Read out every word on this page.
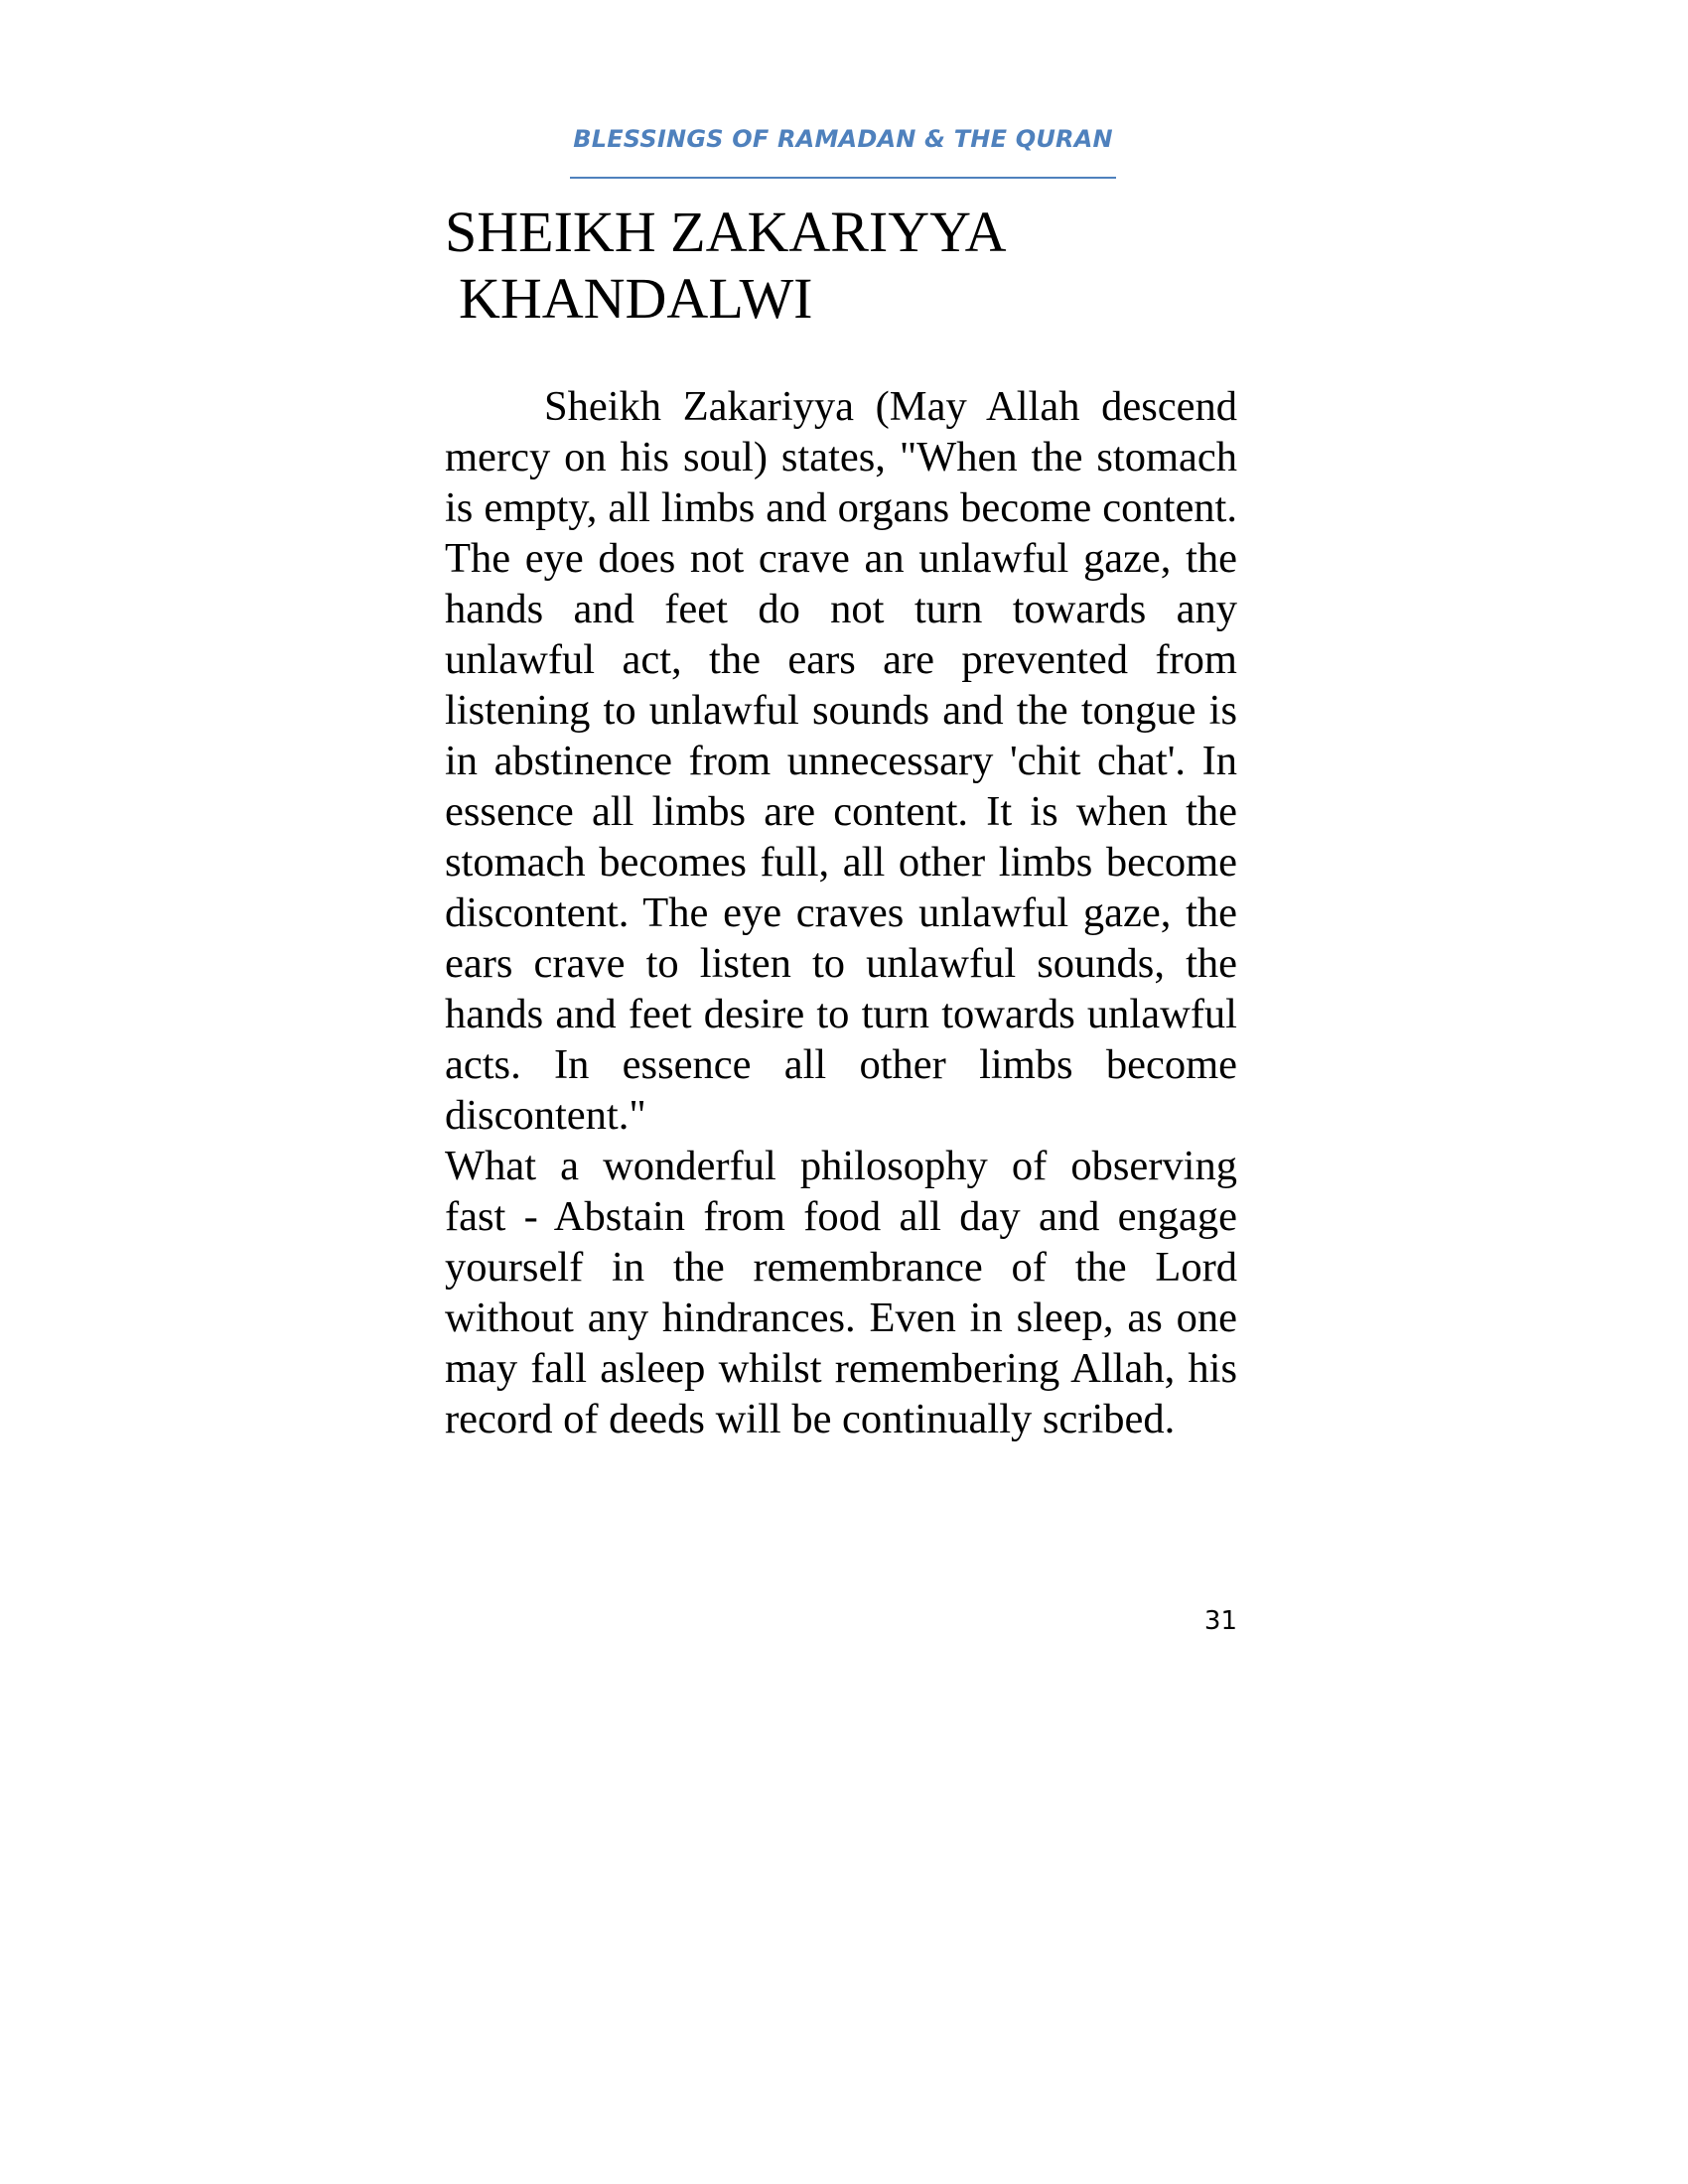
BLESSINGS OF RAMADAN & THE QURAN
SHEIKH ZAKARIYYA
KHANDALWI

Sheikh Zakariyya (May Allah descend mercy on his soul) states, "When the stomach is empty, all limbs and organs become content. The eye does not crave an unlawful gaze, the hands and feet do not turn towards any unlawful act, the ears are prevented from listening to unlawful sounds and the tongue is in abstinence from unnecessary 'chit chat'. In essence all limbs are content. It is when the stomach becomes full, all other limbs become discontent. The eye craves unlawful gaze, the ears crave to listen to unlawful sounds, the hands and feet desire to turn towards unlawful acts. In essence all other limbs become discontent."

What a wonderful philosophy of observing fast - Abstain from food all day and engage yourself in the remembrance of the Lord without any hindrances. Even in sleep, as one may fall asleep whilst remembering Allah, his record of deeds will be continually scribed.

31
